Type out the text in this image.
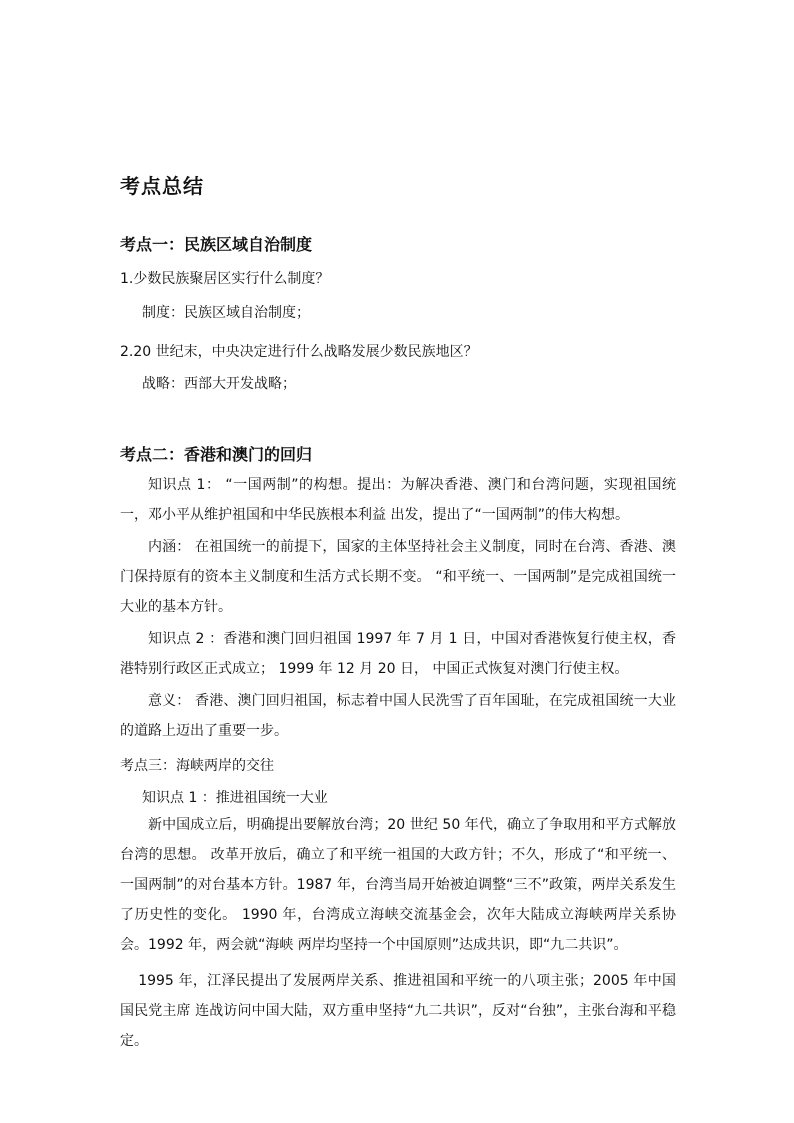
考点总结
考点一：民族区域自治制度
1.少数民族聚居区实行什么制度？
制度：民族区域自治制度；
2.20 世纪末，中央决定进行什么战略发展少数民族地区？
战略：西部大开发战略；
考点二：香港和澳门的回归
知识点 1： “一国两制”的构想。提出：为解决香港、澳门和台湾问题，实现祖国统一，邓小平从维护祖国和中华民族根本利益 出发，提出了“一国两制”的伟大构想。
内涵： 在祖国统一的前提下，国家的主体坚持社会主义制度，同时在台湾、香港、澳门保持原有的资本主义制度和生活方式长期不变。 “和平统一、一国两制”是完成祖国统一大业的基本方针。
知识点 2 ：香港和澳门回归祖国 1997 年 7 月 1 日，中国对香港恢复行使主权，香港特别行政区正式成立； 1999 年 12 月 20 日， 中国正式恢复对澳门行使主权。
意义： 香港、澳门回归祖国，标志着中国人民洗雪了百年国耻，在完成祖国统一大业的道路上迈出了重要一步。
考点三：海峡两岸的交往
知识点 1 ：推进祖国统一大业
新中国成立后，明确提出要解放台湾；20 世纪 50 年代，确立了争取用和平方式解放台湾的思想。 改革开放后，确立了和平统一祖国的大政方针；不久，形成了“和平统一、一国两制”的对台基本方针。1987 年，台湾当局开始被迫调整“三不”政策，两岸关系发生了历史性的变化。 1990 年，台湾成立海峡交流基金会，次年大陆成立海峡两岸关系协会。1992 年，两会就“海峡 两岸均坚持一个中国原则”达成共识，即“九二共识”。
1995 年，江泽民提出了发展两岸关系、推进祖国和平统一的八项主张；2005 年中国国民党主席 连战访问中国大陆，双方重申坚持“九二共识”，反对“台独”，主张台海和平稳定。
